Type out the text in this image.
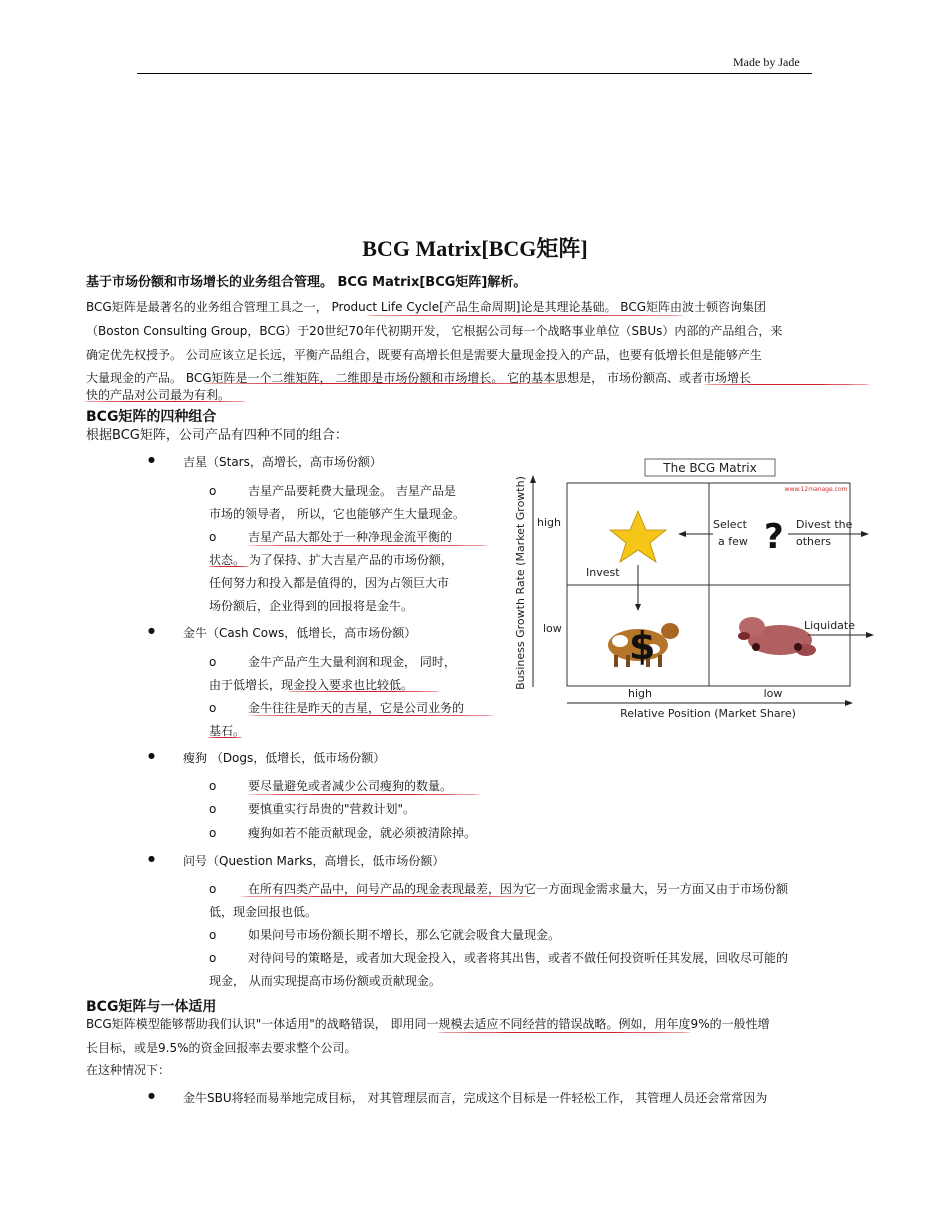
Made by Jade
BCG Matrix[BCG矩阵]
基于市场份额和市场增长的业务组合管理。 BCG Matrix[BCG矩阵]解析。
BCG矩阵是最著名的业务组合管理工具之一， Product Life Cycle[产品生命周期]论是其理论基础。 BCG矩阵由波士顿咨询集团
（Boston Consulting Group，BCG）于20世纪70年代初期开发， 它根据公司每一个战略事业单位（SBUs）内部的产品组合，来
确定优先权授予。 公司应该立足长远，平衡产品组合，既要有高增长但是需要大量现金投入的产品，也要有低增长但是能够产生
大量现金的产品。 BCG矩阵是一个二维矩阵， 二维即是市场份额和市场增长。 它的基本思想是， 市场份额高、或者市场增长
快的产品对公司最为有利。
BCG矩阵的四种组合
根据BCG矩阵，公司产品有四种不同的组合：
● 吉星（Stars，高增长，高市场份额）
o	吉星产品要耗费大量现金。 吉星产品是
市场的领导者， 所以，它也能够产生大量现金。
o	吉星产品大都处于一种净现金流平衡的
状态。 为了保持、扩大吉星产品的市场份额，
任何努力和投入都是值得的，因为占领巨大市
场份额后，企业得到的回报将是金牛。
● 金牛（Cash Cows，低增长，高市场份额）
o	金牛产品产生大量利润和现金， 同时，
由于低增长，现金投入要求也比较低。
o	金牛往往是昨天的吉星，它是公司业务的
基石。
● 瘦狗 （Dogs，低增长，低市场份额）
o	要尽量避免或者减少公司瘦狗的数量。
o	要慎重实行昂贵的"营救计划"。
o	瘦狗如若不能贡献现金，就必须被清除掉。
● 问号（Question Marks，高增长，低市场份额）
o	在所有四类产品中，问号产品的现金表现最差，因为它一方面现金需求量大，另一方面又由于市场份额
低，现金回报也低。
o	如果问号市场份额长期不增长，那么它就会吸食大量现金。
o	对待问号的策略是，或者加大现金投入，或者将其出售，或者不做任何投资听任其发展，回收尽可能的
现金， 从而实现提高市场份额或贡献现金。
BCG矩阵与一体适用
BCG矩阵模型能够帮助我们认识"一体适用"的战略错误， 即用同一规模去适应不同经营的错误战略。例如，用年度9%的一般性增
长目标，或是9.5%的资金回报率去要求整个公司。
在这种情况下：
● 金牛SBU将轻而易举地完成目标， 对其管理层而言，完成这个目标是一件轻松工作， 其管理人员还会常常因为
The BCG Matrix
www.12manage.com
Business Growth Rate (Market Growth)
Relative Position (Market Share)
high
low
high	low
Invest
Select
a few ? Divest the
others
$	Liquidate
